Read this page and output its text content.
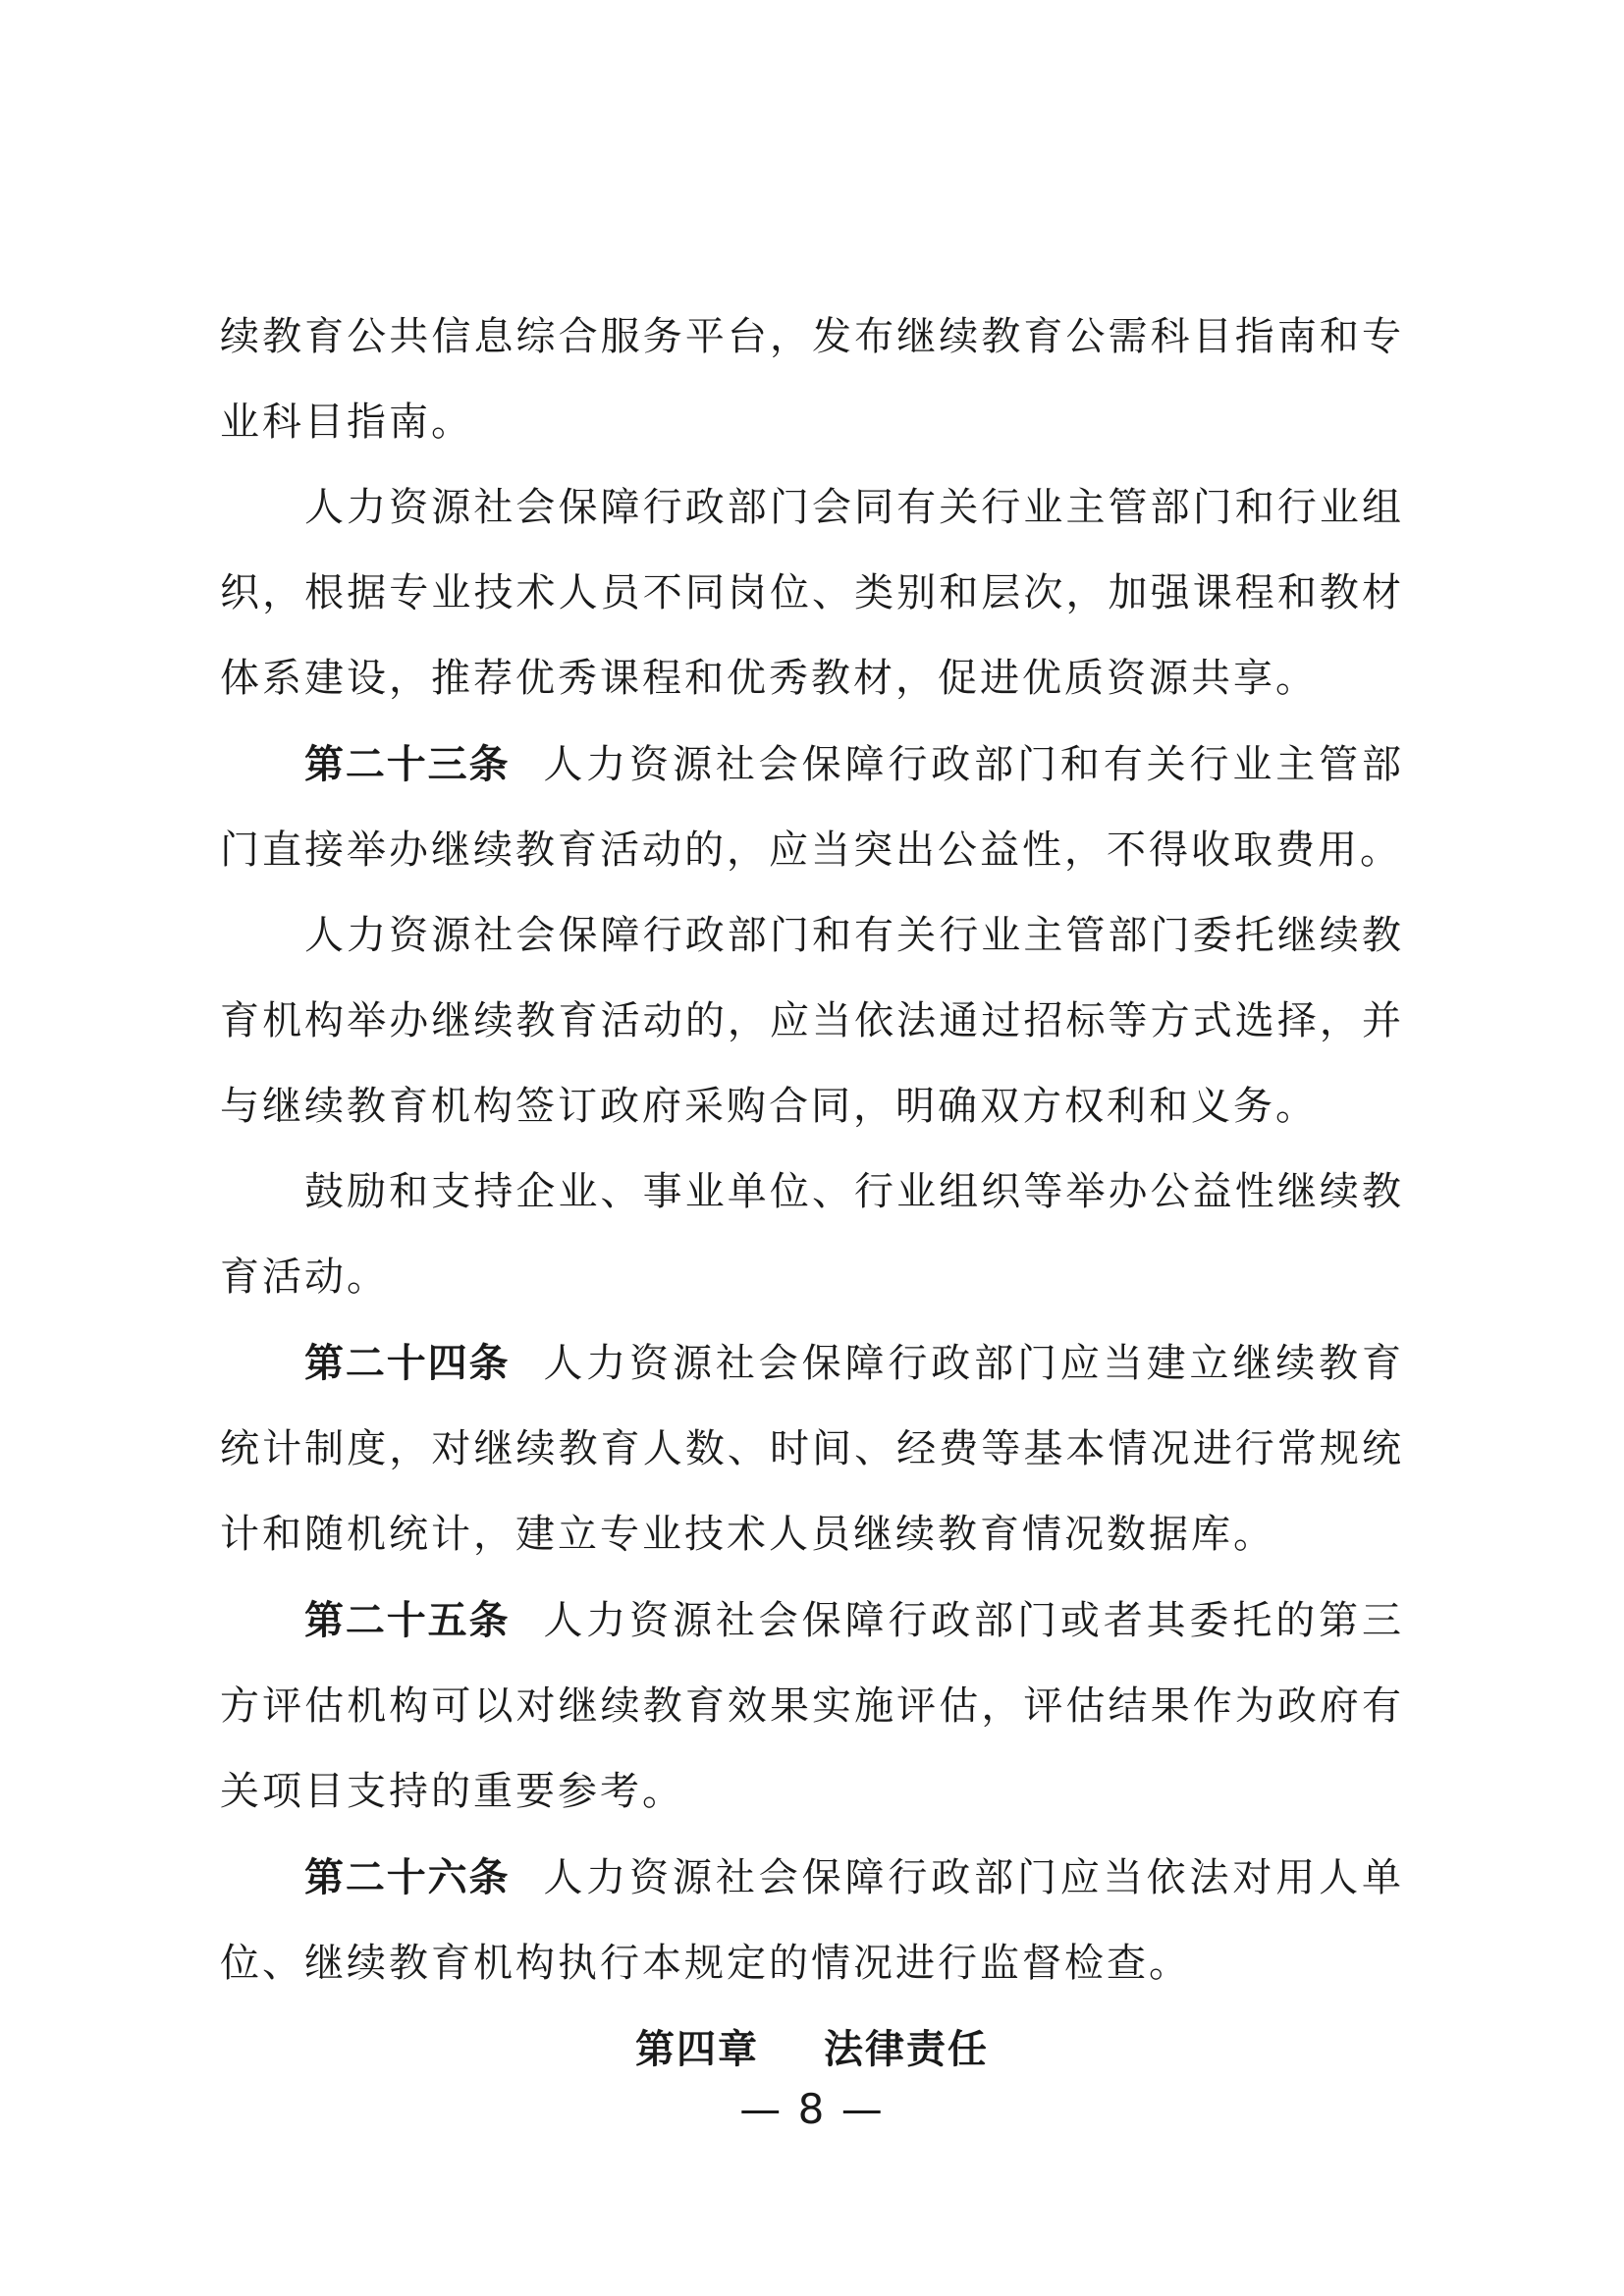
续教育公共信息综合服务平台，发布继续教育公需科目指南和专业科目指南。

人力资源社会保障行政部门会同有关行业主管部门和行业组织，根据专业技术人员不同岗位、类别和层次，加强课程和教材体系建设，推荐优秀课程和优秀教材，促进优质资源共享。

第二十三条 人力资源社会保障行政部门和有关行业主管部门直接举办继续教育活动的，应当突出公益性，不得收取费用。

人力资源社会保障行政部门和有关行业主管部门委托继续教育机构举办继续教育活动的，应当依法通过招标等方式选择，并与继续教育机构签订政府采购合同，明确双方权利和义务。

鼓励和支持企业、事业单位、行业组织等举办公益性继续教育活动。

第二十四条 人力资源社会保障行政部门应当建立继续教育统计制度，对继续教育人数、时间、经费等基本情况进行常规统计和随机统计，建立专业技术人员继续教育情况数据库。

第二十五条 人力资源社会保障行政部门或者其委托的第三方评估机构可以对继续教育效果实施评估，评估结果作为政府有关项目支持的重要参考。

第二十六条 人力资源社会保障行政部门应当依法对用人单位、继续教育机构执行本规定的情况进行监督检查。

第四章 法律责任

— 8 —
